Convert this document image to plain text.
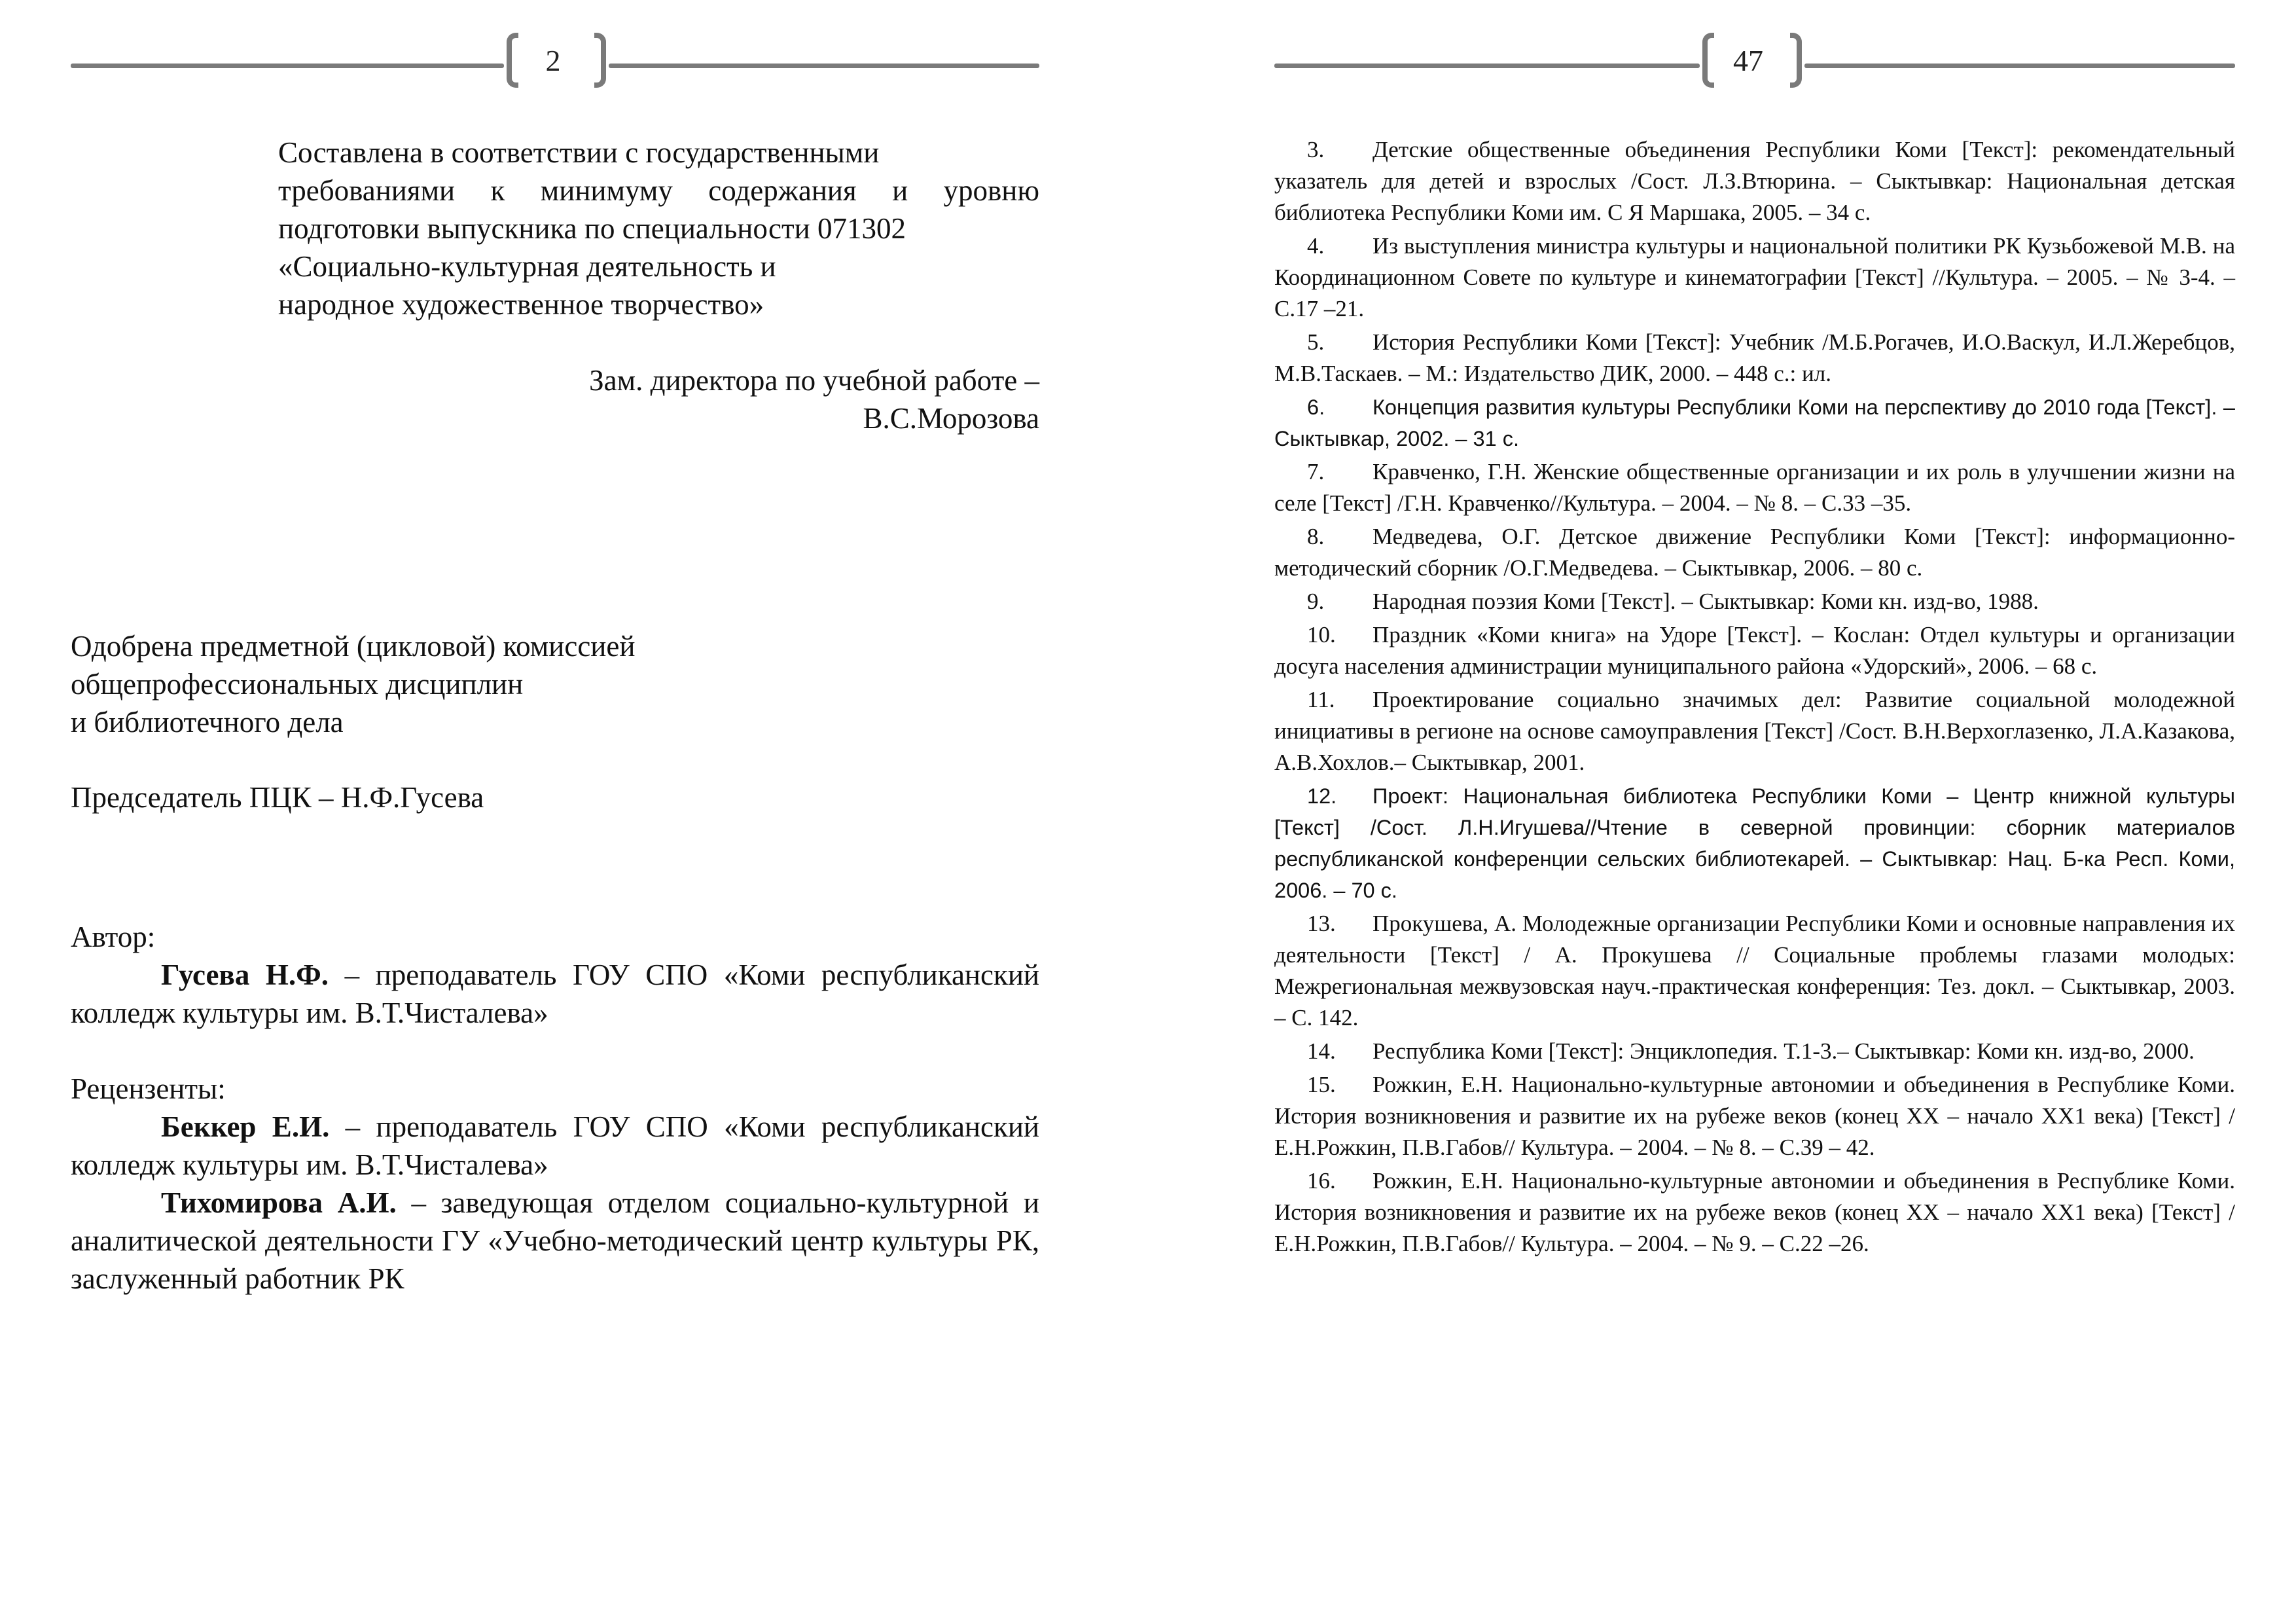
2

Составлена в соответствии с государственными

требованиями к минимуму содержания и уровню

подготовки выпускника по специальности 071302

«Социально-культурная деятельность и

народное художественное творчество»

Зам. директора по учебной работе –

В.С.Морозова

Одобрена предметной (цикловой) комиссией

общепрофессиональных дисциплин

и библиотечного дела

Председатель ПЦК – Н.Ф.Гусева

Автор:

Гусева Н.Ф. – преподаватель ГОУ СПО «Коми республиканский колледж культуры им. В.Т.Чисталева»

Рецензенты:

Беккер Е.И. – преподаватель ГОУ СПО «Коми республиканский колледж культуры им. В.Т.Чисталева»

Тихомирова А.И. – заведующая отделом социально-культурной и аналитической деятельности ГУ «Учебно-методический центр культуры РК, заслуженный работник РК

47

3. Детские общественные объединения Республики Коми [Текст]: рекомендательный указатель для детей и взрослых /Сост. Л.З.Втюрина. – Сыктывкар: Национальная детская библиотека Республики Коми им. С Я Маршака, 2005. – 34 с.

4. Из выступления министра культуры и национальной политики РК Кузьбожевой М.В. на Координационном Совете по культуре и кинематографии [Текст] //Культура. – 2005. – № 3-4. – С.17 –21.

5. История Республики Коми [Текст]: Учебник /М.Б.Рогачев, И.О.Васкул, И.Л.Жеребцов, М.В.Таскаев. – М.: Издательство ДИК, 2000. – 448 с.: ил.

6. Концепция развития культуры Республики Коми на перспективу до 2010 года [Текст]. – Сыктывкар, 2002. – 31 с.

7. Кравченко, Г.Н. Женские общественные организации и их роль в улучшении жизни на селе [Текст] /Г.Н. Кравченко//Культура. – 2004. – № 8. – С.33 –35.

8. Медведева, О.Г. Детское движение Республики Коми [Текст]: информационно-методический сборник /О.Г.Медведева. – Сыктывкар, 2006. – 80 с.

9. Народная поэзия Коми [Текст]. – Сыктывкар: Коми кн. изд-во, 1988.

10. Праздник «Коми книга» на Удоре [Текст]. – Кослан: Отдел культуры и организации досуга населения администрации муниципального района «Удорский», 2006. – 68 с.

11. Проектирование социально значимых дел: Развитие социальной молодежной инициативы в регионе на основе самоуправления [Текст] /Сост. В.Н.Верхоглазенко, Л.А.Казакова, А.В.Хохлов.– Сыктывкар, 2001.

12. Проект: Национальная библиотека Республики Коми – Центр книжной культуры [Текст] /Сост. Л.Н.Игушева//Чтение в северной провинции: сборник материалов республиканской конференции сельских библиотекарей. – Сыктывкар: Нац. Б-ка Респ. Коми, 2006. – 70 с.

13. Прокушева, А. Молодежные организации Республики Коми и основные направления их деятельности [Текст] / А. Прокушева // Социальные проблемы глазами молодых: Межрегиональная межвузовская науч.-практическая конференция: Тез. докл. – Сыктывкар, 2003. – С. 142.

14. Республика Коми [Текст]: Энциклопедия. Т.1-3.– Сыктывкар: Коми кн. изд-во, 2000.

15. Рожкин, Е.Н. Национально-культурные автономии и объединения в Республике Коми. История возникновения и развитие их на рубеже веков (конец XX – начало XX1 века) [Текст] /Е.Н.Рожкин, П.В.Габов// Культура. – 2004. – № 8. – С.39 – 42.

16. Рожкин, Е.Н. Национально-культурные автономии и объединения в Республике Коми. История возникновения и развитие их на рубеже веков (конец XX – начало XX1 века) [Текст] /Е.Н.Рожкин, П.В.Габов// Культура. – 2004. – № 9. – С.22 –26.
